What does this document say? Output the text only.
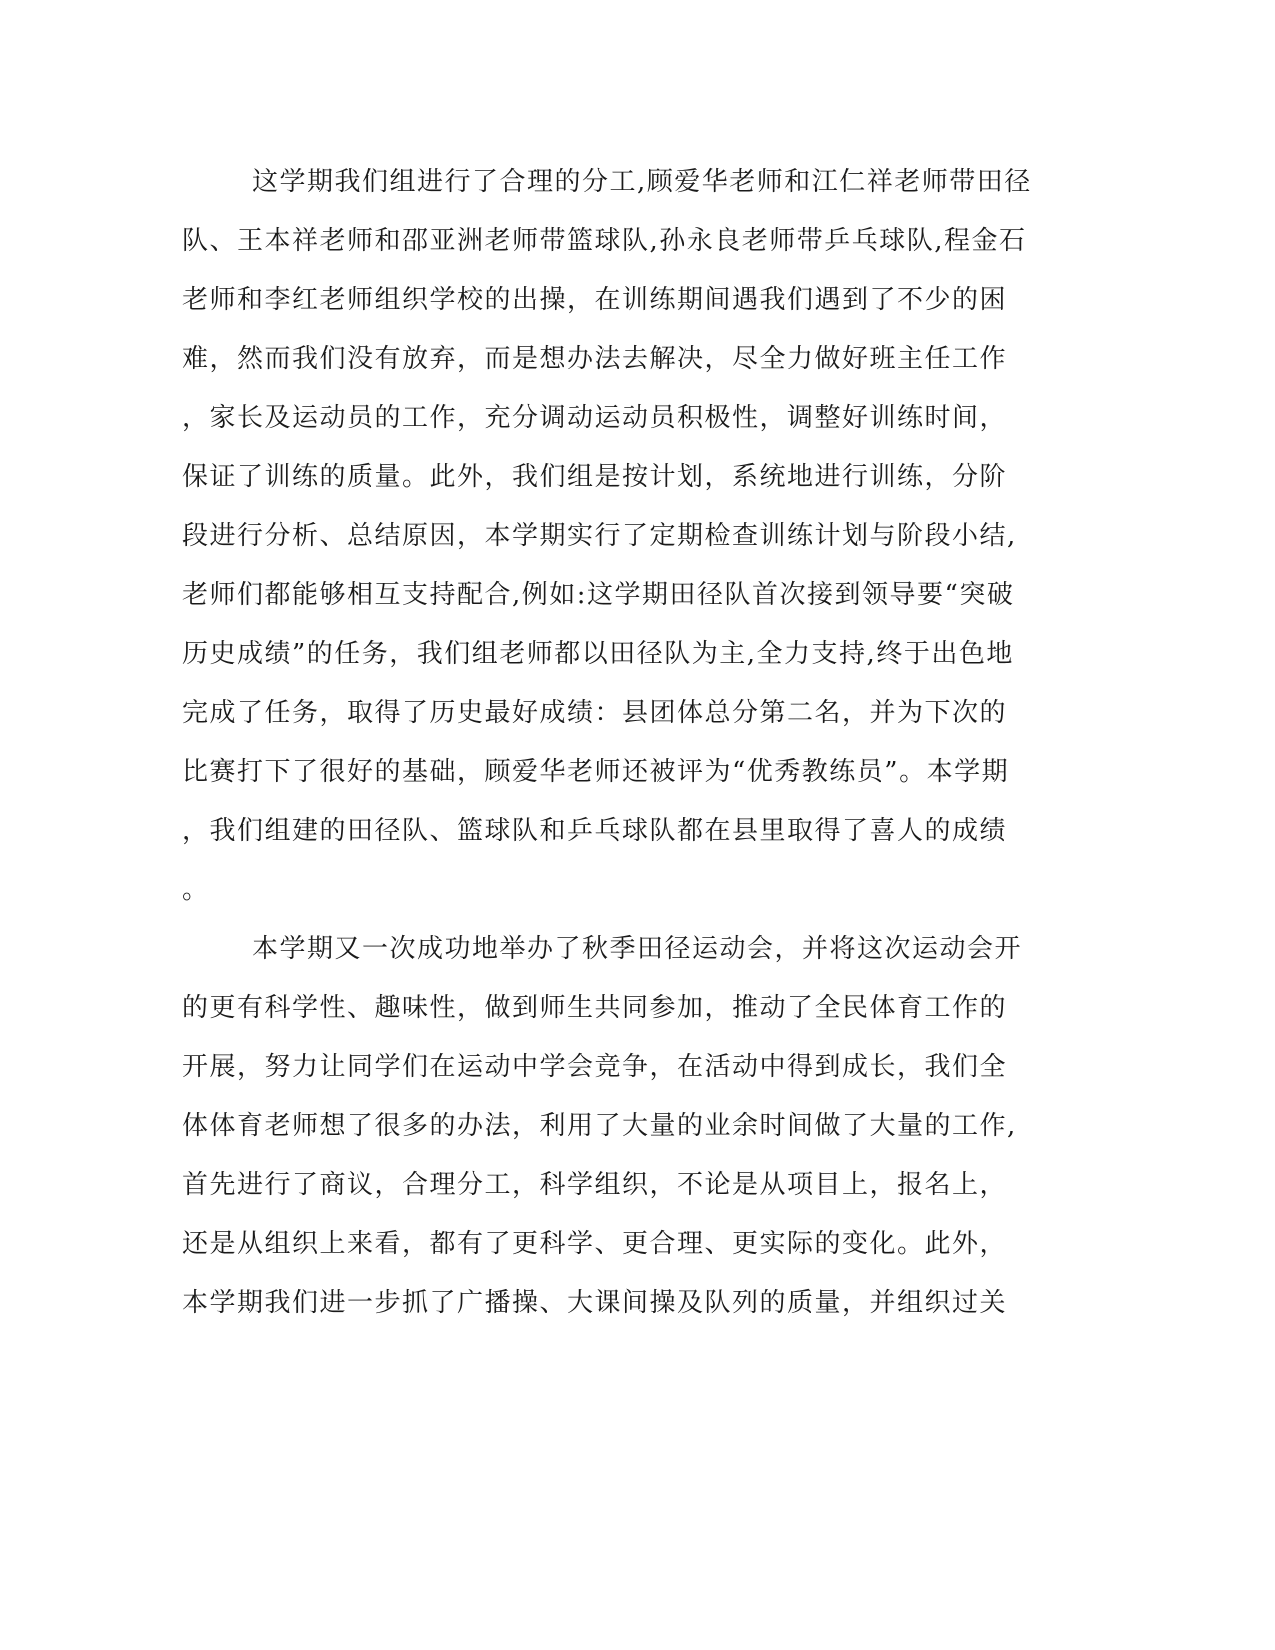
这学期我们组进行了合理的分工,顾爱华老师和江仁祥老师带田径
队、王本祥老师和邵亚洲老师带篮球队,孙永良老师带乒乓球队,程金石
老师和李红老师组织学校的出操，在训练期间遇我们遇到了不少的困
难，然而我们没有放弃，而是想办法去解决，尽全力做好班主任工作
，家长及运动员的工作，充分调动运动员积极性，调整好训练时间，
保证了训练的质量。此外，我们组是按计划，系统地进行训练，分阶
段进行分析、总结原因，本学期实行了定期检查训练计划与阶段小结,
老师们都能够相互支持配合,例如:这学期田径队首次接到领导要“突破
历史成绩”的任务，我们组老师都以田径队为主,全力支持,终于出色地
完成了任务，取得了历史最好成绩：县团体总分第二名，并为下次的
比赛打下了很好的基础，顾爱华老师还被评为“优秀教练员”。本学期
，我们组建的田径队、篮球队和乒乓球队都在县里取得了喜人的成绩
。
本学期又一次成功地举办了秋季田径运动会，并将这次运动会开
的更有科学性、趣味性，做到师生共同参加，推动了全民体育工作的
开展，努力让同学们在运动中学会竞争，在活动中得到成长，我们全
体体育老师想了很多的办法，利用了大量的业余时间做了大量的工作,
首先进行了商议，合理分工，科学组织，不论是从项目上，报名上，
还是从组织上来看，都有了更科学、更合理、更实际的变化。此外，
本学期我们进一步抓了广播操、大课间操及队列的质量，并组织过关
